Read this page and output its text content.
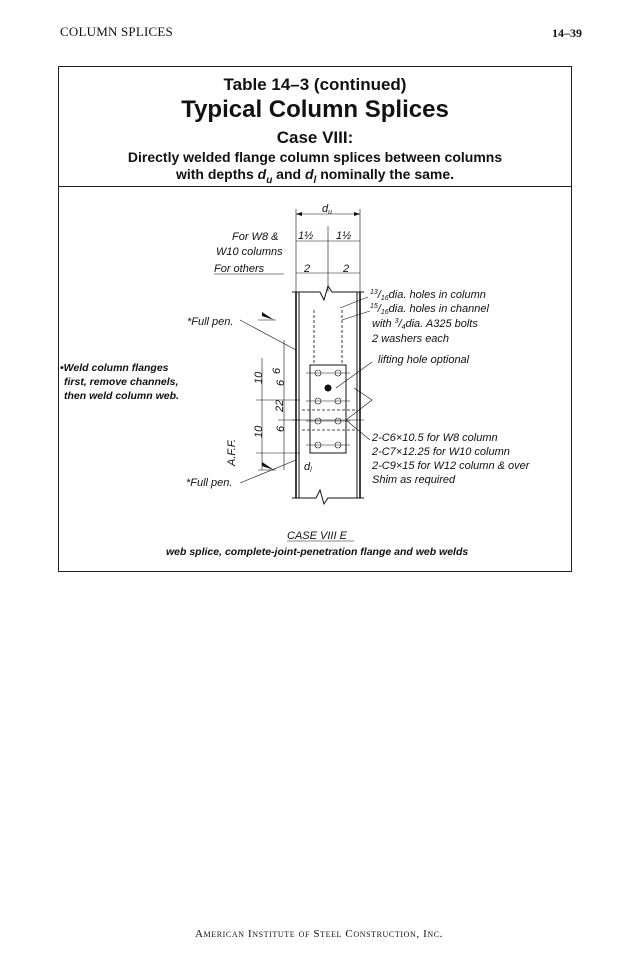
COLUMN SPLICES	14–39
Table 14–3 (continued)
Typical Column Splices
Case VIII:
Directly welded flange column splices between columns
with depths $d_u$ and $d_l$ nominally the same.
du
For W8 &
W10 columns
1½ 1½
For others	2	2
10 6
6
22
10 6
A.F.F.
dl
*Full pen.
*Full pen.
•Weld column flanges
first, remove channels,
then weld column web.
$^{13}$/16dia. holes in column
$^{15}$/16dia. holes in channel
with $^3$/4dia. A325 bolts
2 washers each
lifting hole optional
2-C6×10.5 for W8 column
2-C7×12.25 for W10 column
2-C9×15 for W12 column & over
Shim as required
CASE VIII E
web splice, complete-joint-penetration flange and web welds
American Institute of Steel Construction, Inc.
